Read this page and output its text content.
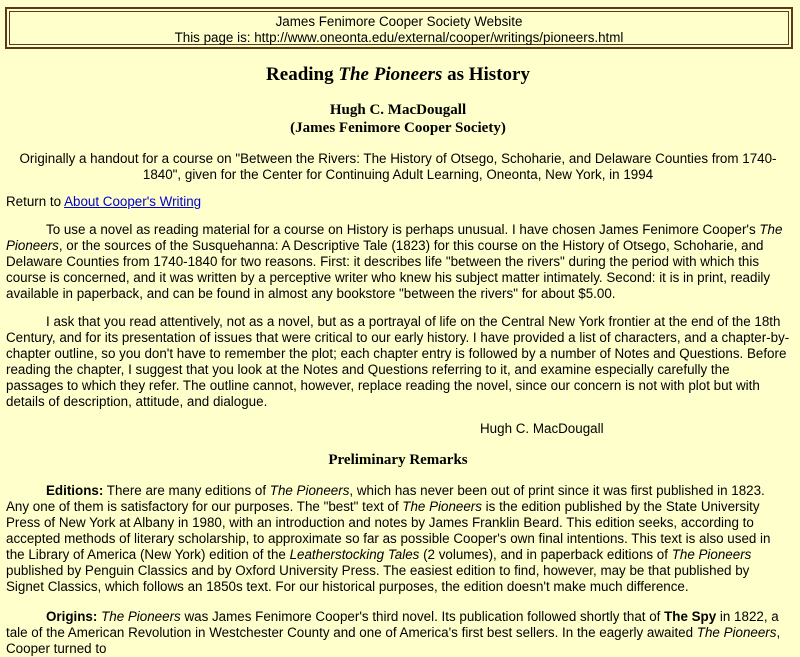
James Fenimore Cooper Society Website
This page is: http://www.oneonta.edu/external/cooper/writings/pioneers.html
Reading The Pioneers as History
Hugh C. MacDougall
(James Fenimore Cooper Society)
Originally a handout for a course on "Between the Rivers: The History of Otsego, Schoharie, and Delaware Counties from 1740-1840", given for the Center for Continuing Adult Learning, Oneonta, New York, in 1994
Return to About Cooper's Writing

To use a novel as reading material for a course on History is perhaps unusual. I have chosen James Fenimore Cooper's The Pioneers, or the sources of the Susquehanna: A Descriptive Tale (1823) for this course on the History of Otsego, Schoharie, and Delaware Counties from 1740-1840 for two reasons. First: it describes life "between the rivers" during the period with which this course is concerned, and it was written by a perceptive writer who knew his subject matter intimately. Second: it is in print, readily available in paperback, and can be found in almost any bookstore "between the rivers" for about $5.00.

I ask that you read attentively, not as a novel, but as a portrayal of life on the Central New York frontier at the end of the 18th Century, and for its presentation of issues that were critical to our early history. I have provided a list of characters, and a chapter-by-chapter outline, so you don't have to remember the plot; each chapter entry is followed by a number of Notes and Questions. Before reading the chapter, I suggest that you look at the Notes and Questions referring to it, and examine especially carefully the passages to which they refer. The outline cannot, however, replace reading the novel, since our concern is not with plot but with details of description, attitude, and dialogue.

Hugh C. MacDougall
Preliminary Remarks

Editions: There are many editions of The Pioneers, which has never been out of print since it was first published in 1823. Any one of them is satisfactory for our purposes. The "best" text of The Pioneers is the edition published by the State University Press of New York at Albany in 1980, with an introduction and notes by James Franklin Beard. This edition seeks, according to accepted methods of literary scholarship, to approximate so far as possible Cooper's own final intentions. This text is also used in the Library of America (New York) edition of the Leatherstocking Tales (2 volumes), and in paperback editions of The Pioneers published by Penguin Classics and by Oxford University Press. The easiest edition to find, however, may be that published by Signet Classics, which follows an 1850s text. For our historical purposes, the edition doesn't make much difference.

Origins: The Pioneers was James Fenimore Cooper's third novel. Its publication followed shortly that of The Spy in 1822, a tale of the American Revolution in Westchester County and one of America's first best sellers. In the eagerly awaited The Pioneers, Cooper turned to
